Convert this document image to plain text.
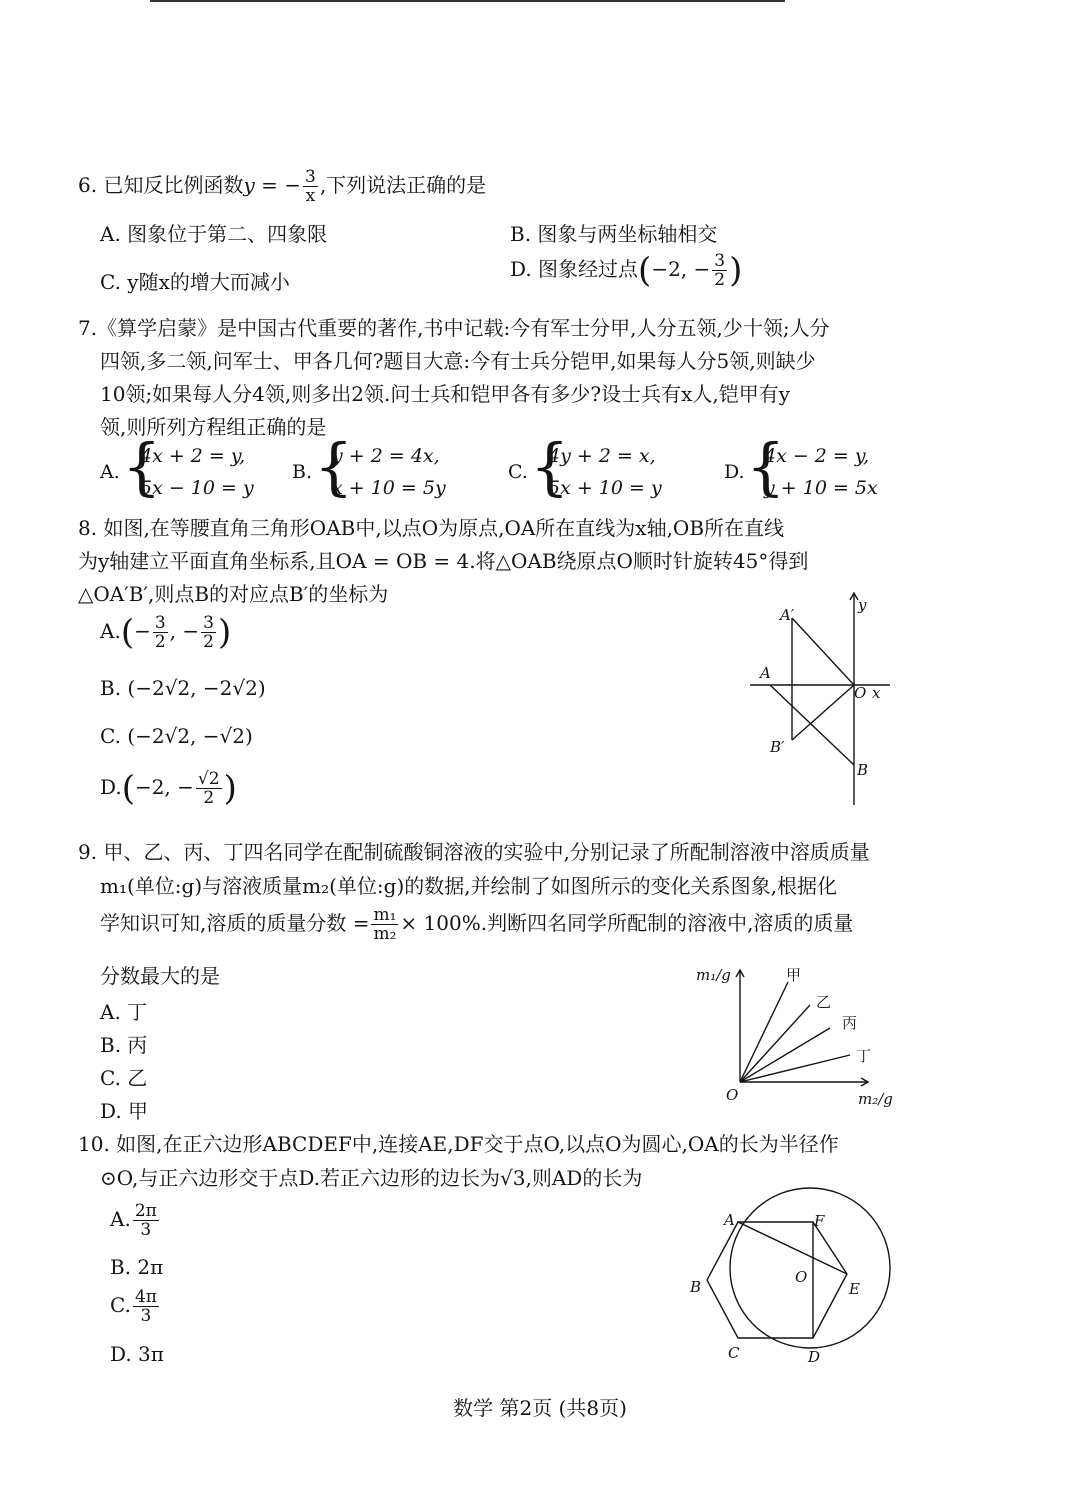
6. 已知反比例函数y = − $\frac{3}{x}$ ,下列说法正确的是
A. 图象位于第二、四象限	B. 图象与两坐标轴相交
C. y随x的增大而减小
D. 图象经过点(−2, − $\frac{3}{2}$ )
7.《算学启蒙》是中国古代重要的著作,书中记载:今有军士分甲,人分五领,少十领;人分
四领,多二领,问军士、甲各几何?题目大意:今有士兵分铠甲,如果每人分5领,则缺少
10领;如果每人分4领,则多出2领.问士兵和铠甲各有多少?设士兵有x人,铠甲有y
领,则所列方程组正确的是
A. {
4x + 2 = y,
5x − 10 = y
B. {
y + 2 = 4x,
x + 10 = 5y
C. {
4y + 2 = x,
5x + 10 = y
D. {
4x − 2 = y,
y + 10 = 5x
8. 如图,在等腰直角三角形OAB中,以点O为原点,OA所在直线为x轴,OB所在直线
为y轴建立平面直角坐标系,且OA = OB = 4.将△OAB绕原点O顺时针旋转45°得到
△OA′B′,则点B的对应点B′的坐标为
$A.(- \frac{3}{2}$ , − $\frac{3}{2}$ )
B. (−2√2, −2√2)
C. (−2√2, −√2)
D.(−2, − $\frac{√2}{2}$ )
A′
y
A
O x
B′
B
9. 甲、乙、丙、丁四名同学在配制硫酸铜溶液的实验中,分别记录了所配制溶液中溶质质量
m₁(单位:g)与溶液质量m₂(单位:g)的数据,并绘制了如图所示的变化关系图象,根据化
学知识可知,溶质的质量分数 = $\frac{\text{m₁}}{\text{m₂}} \times 100\%$.判断四名同学所配制的溶液中,溶质的质量
分数最大的是
A. 丁
B. 丙
C. 乙
D. 甲
m₁/g	甲
乙
丙
丁
O	m₂/g
10. 如图,在正六边形ABCDEF中,连接AE,DF交于点O,以点O为圆心,OA的长为半径作
⊙O,与正六边形交于点D.若正六边形的边长为√3,则AD的长为
A. $\frac{2\pi}{3}$
B. 2π
C. $\frac{4\pi}{3}$
D. 3π
A	F
B
O
E
C	D
数学 第2页 (共8页)
